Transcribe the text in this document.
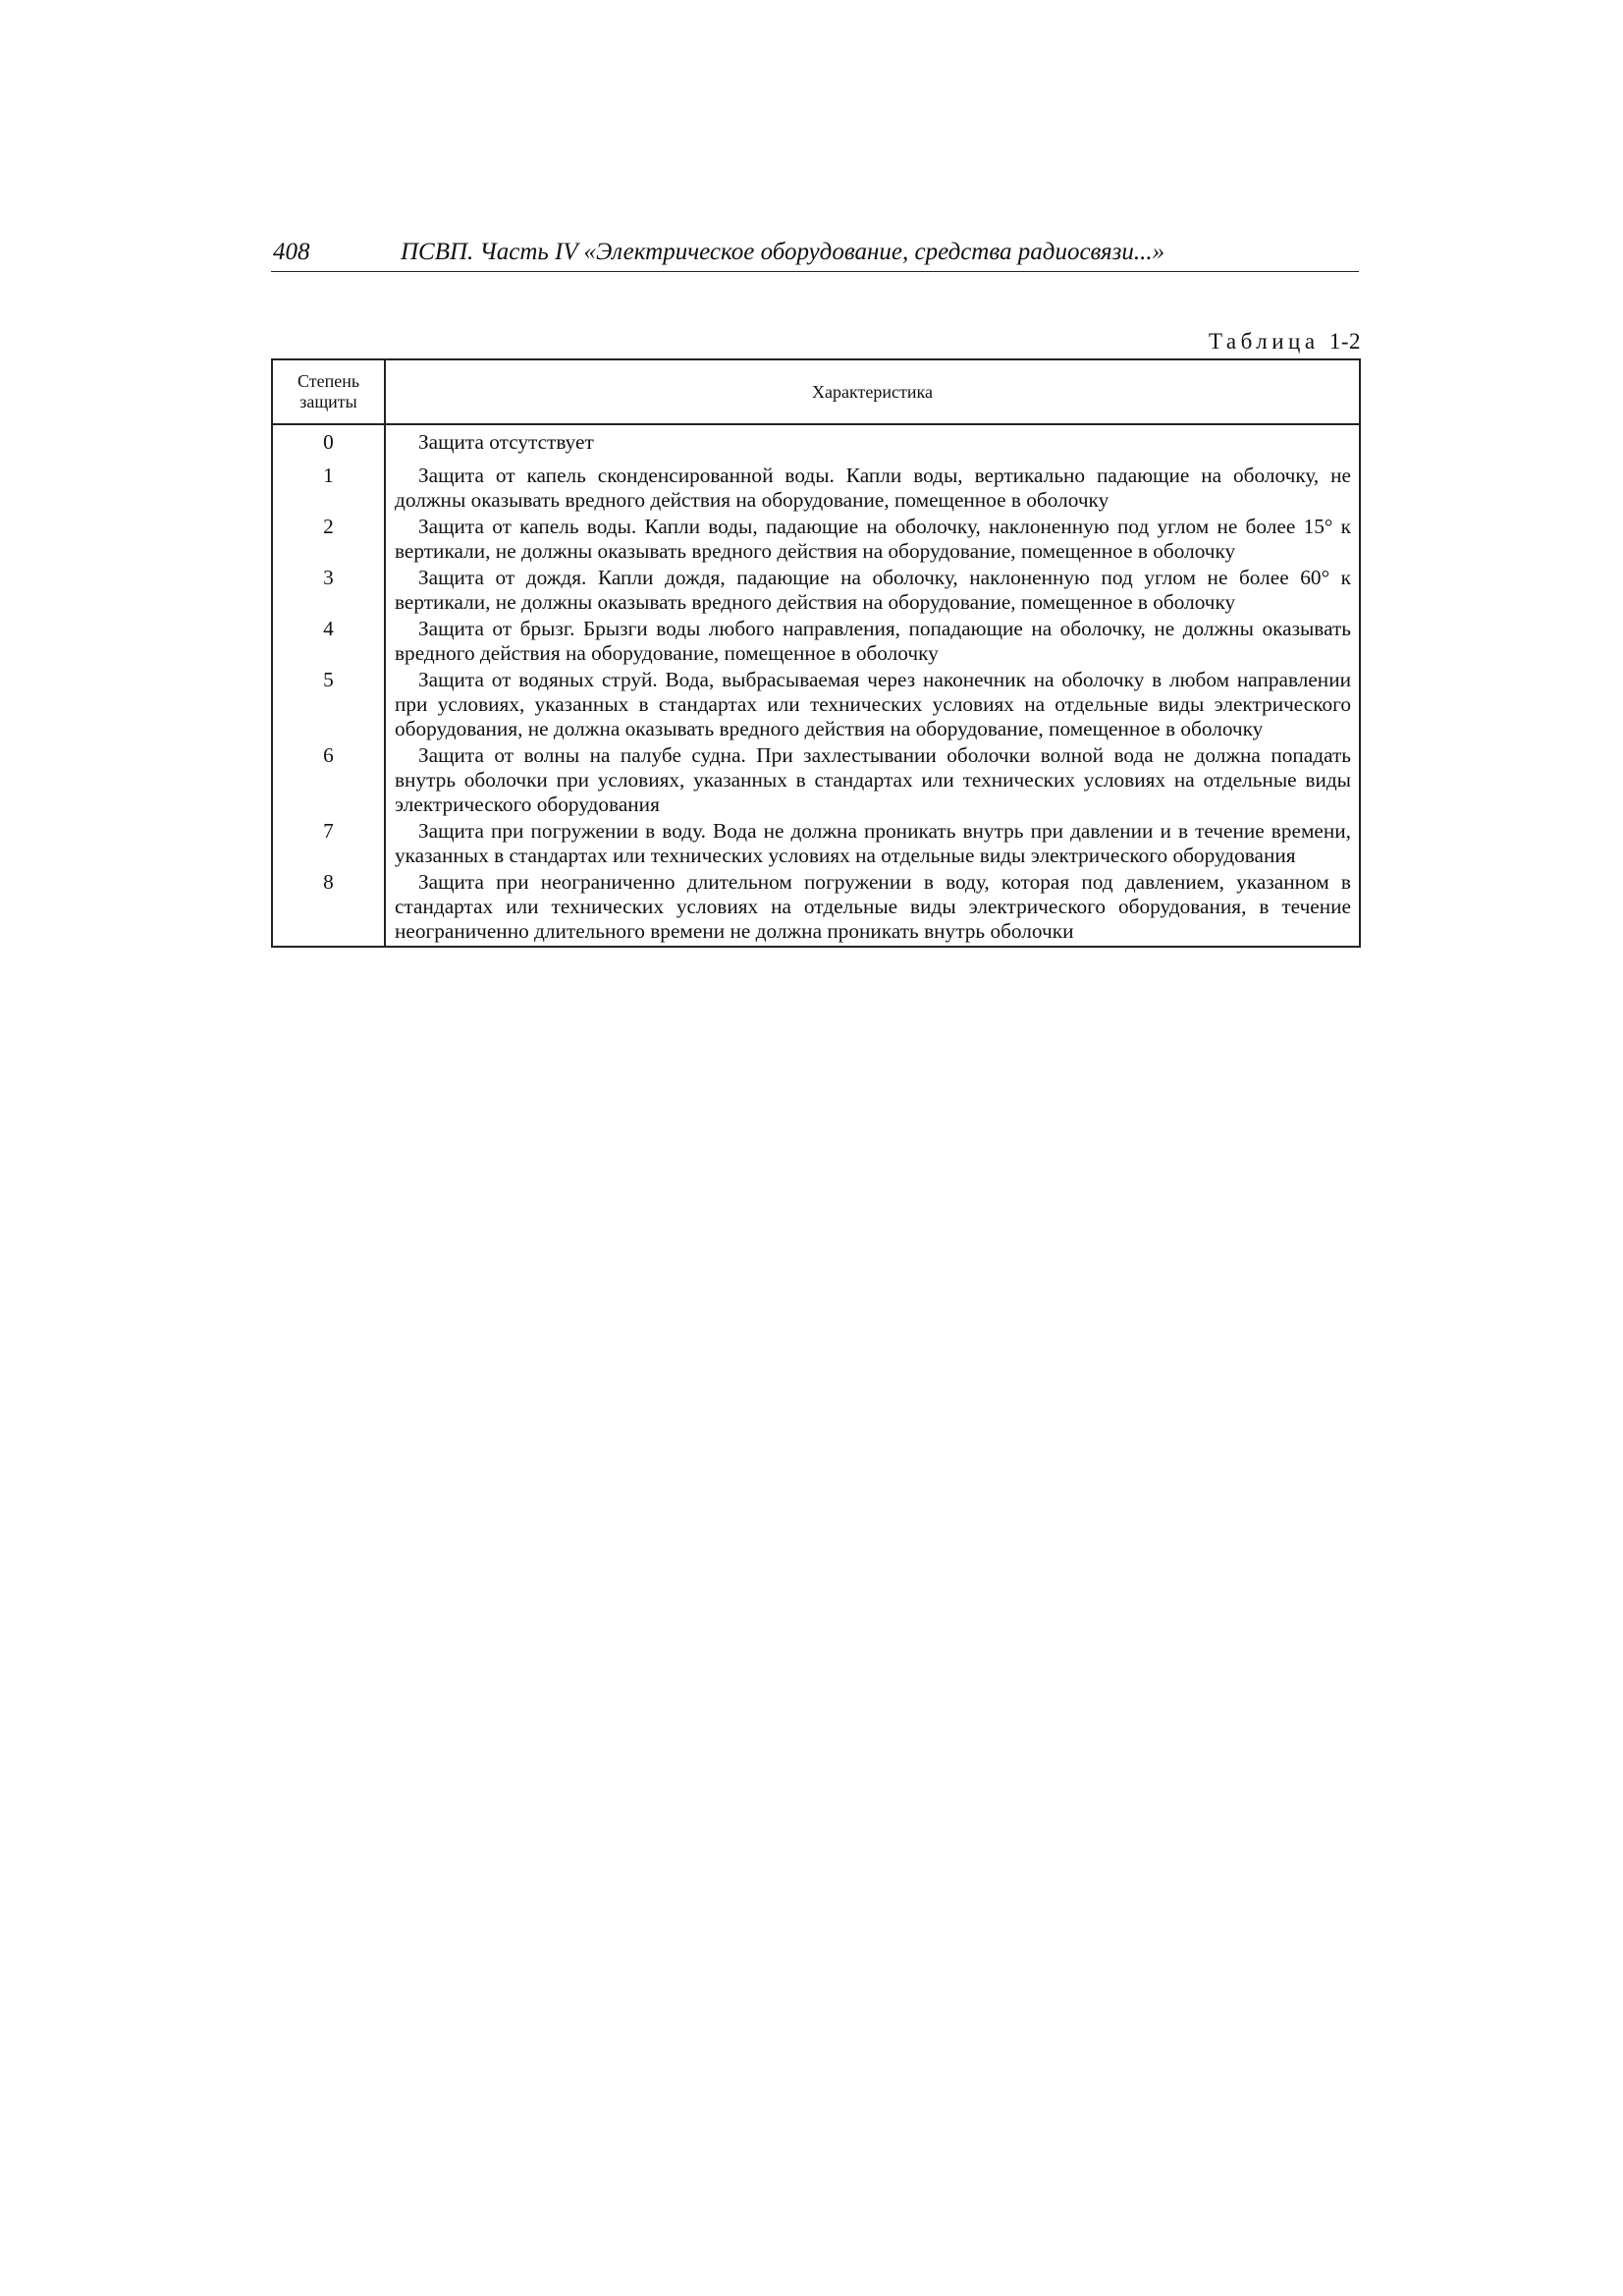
408	ПСВП. Часть IV «Электрическое оборудование, средства радиосвязи...»
Таблица 1-2
Степень защиты	Характеристика
0	Защита отсутствует
1	Защита от капель сконденсированной воды. Капли воды, вертикально падающие на оболочку, не должны оказывать вредного действия на оборудование, помещенное в оболочку
2	Защита от капель воды. Капли воды, падающие на оболочку, наклоненную под углом не более 15° к вертикали, не должны оказывать вредного действия на оборудование, помещенное в оболочку
3	Защита от дождя. Капли дождя, падающие на оболочку, наклоненную под углом не более 60° к вертикали, не должны оказывать вредного действия на оборудование, помещенное в оболочку
4	Защита от брызг. Брызги воды любого направления, попадающие на оболочку, не должны оказывать вредного действия на оборудование, помещенное в оболочку
5	Защита от водяных струй. Вода, выбрасываемая через наконечник на оболочку в любом направлении при условиях, указанных в стандартах или технических условиях на отдельные виды электрического оборудования, не должна оказывать вредного действия на оборудование, помещенное в оболочку
6	Защита от волны на палубе судна. При захлестывании оболочки волной вода не должна попадать внутрь оболочки при условиях, указанных в стандартах или технических условиях на отдельные виды электрического оборудования
7	Защита при погружении в воду. Вода не должна проникать внутрь при давлении и в течение времени, указанных в стандартах или технических условиях на отдельные виды электрического оборудования
8	Защита при неограниченно длительном погружении в воду, которая под давлением, указанном в стандартах или технических условиях на отдельные виды электрического оборудования, в течение неограниченно длительного времени не должна проникать внутрь оболочки
